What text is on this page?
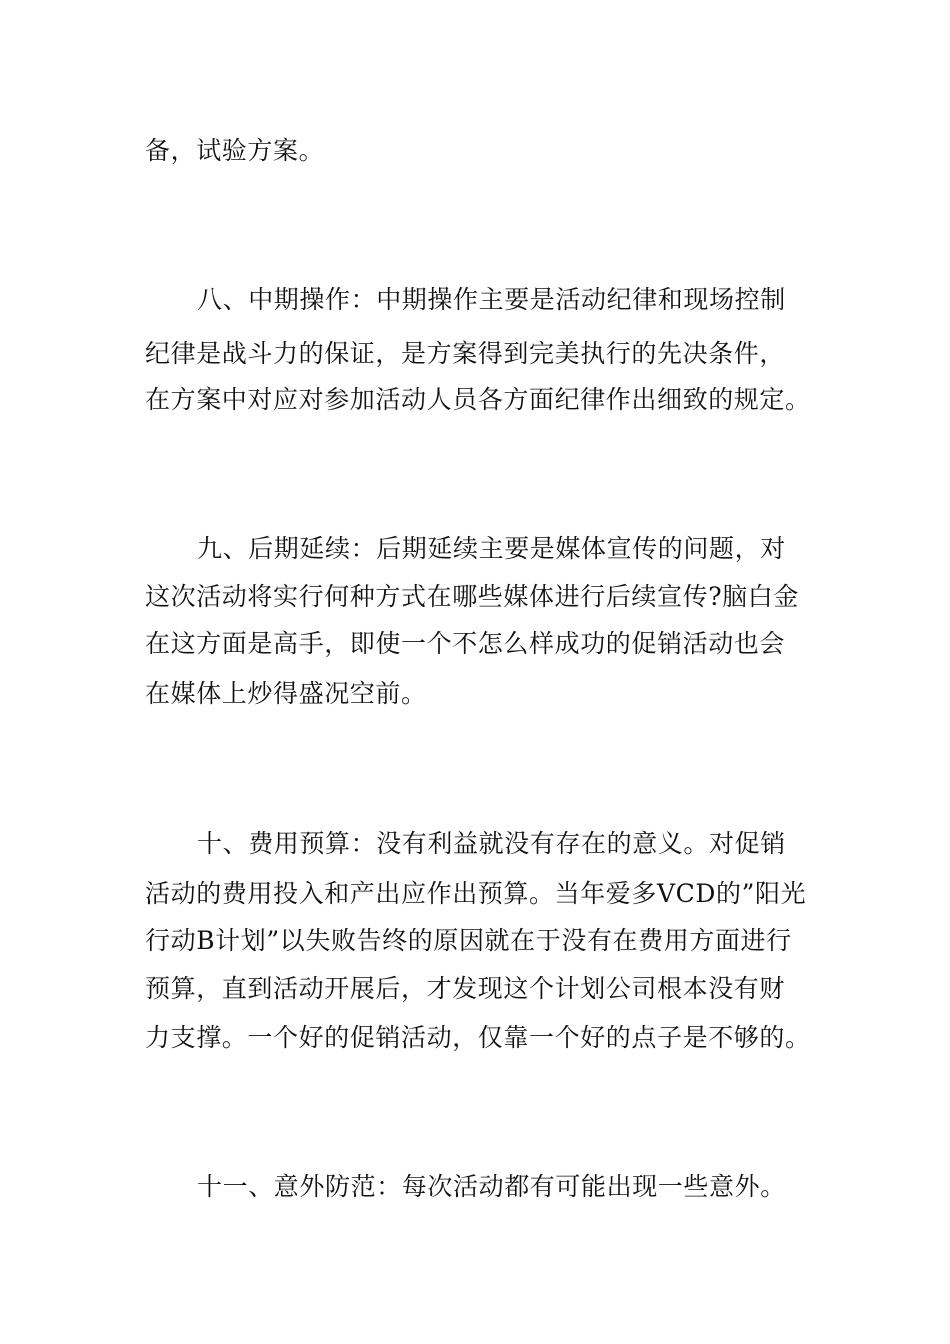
备，试验方案。
八、中期操作：中期操作主要是活动纪律和现场控制
纪律是战斗力的保证，是方案得到完美执行的先决条件，
在方案中对应对参加活动人员各方面纪律作出细致的规定。
九、后期延续：后期延续主要是媒体宣传的问题，对
这次活动将实行何种方式在哪些媒体进行后续宣传?脑白金
在这方面是高手，即使一个不怎么样成功的促销活动也会
在媒体上炒得盛况空前。
十、费用预算：没有利益就没有存在的意义。对促销
活动的费用投入和产出应作出预算。当年爱多VCD的”阳光
行动B计划”以失败告终的原因就在于没有在费用方面进行
预算，直到活动开展后，才发现这个计划公司根本没有财
力支撑。一个好的促销活动，仅靠一个好的点子是不够的。
十一、意外防范：每次活动都有可能出现一些意外。
